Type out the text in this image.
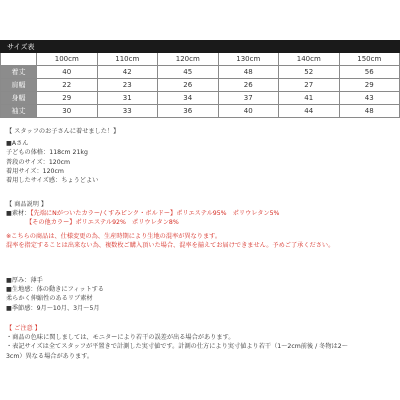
サイズ表						
	100cm	110cm	120cm	130cm	140cm	150cm
着丈	40	42	45	48	52	56
肩幅	22	23	26	26	27	29
身幅	29	31	34	37	41	43
袖丈	30	33	36	40	44	48
【 スタッフのお子さんに着せました！】
■Aさん
子どもの体格：118cm 21kg
普段のサイズ：120cm
着用サイズ：120cm
着用したサイズ感：ちょうどよい
【 商品説明 】
■素材：【先端にNがついたカラー/くすみピンク・ボルドー】ポリエステル95%　ポリウレタン5%
【その他カラー】ポリエステル92%　ポリウレタン8%
※こちらの商品は、仕様変更の為、生産時期により生地の混率が異なります。
混率を指定することは出来ない為、複数枚ご購入頂いた場合、混率を揃えてお届けできません。予めご了承ください。
■厚み：薄手
■生地感：体の動きにフィットする
柔らかく伸縮性のあるリブ素材
■季節感：9月～10月、3月～5月
【 ご注意 】
・商品の色味に関しましては、モニターにより若干の誤差が出る場合があります。
・表記サイズは全てスタッフが平置きで計測した実寸値です。計測の仕方により実寸値より若干（1～2cm前後 / 冬物は2～
3cm）異なる場合があります。
